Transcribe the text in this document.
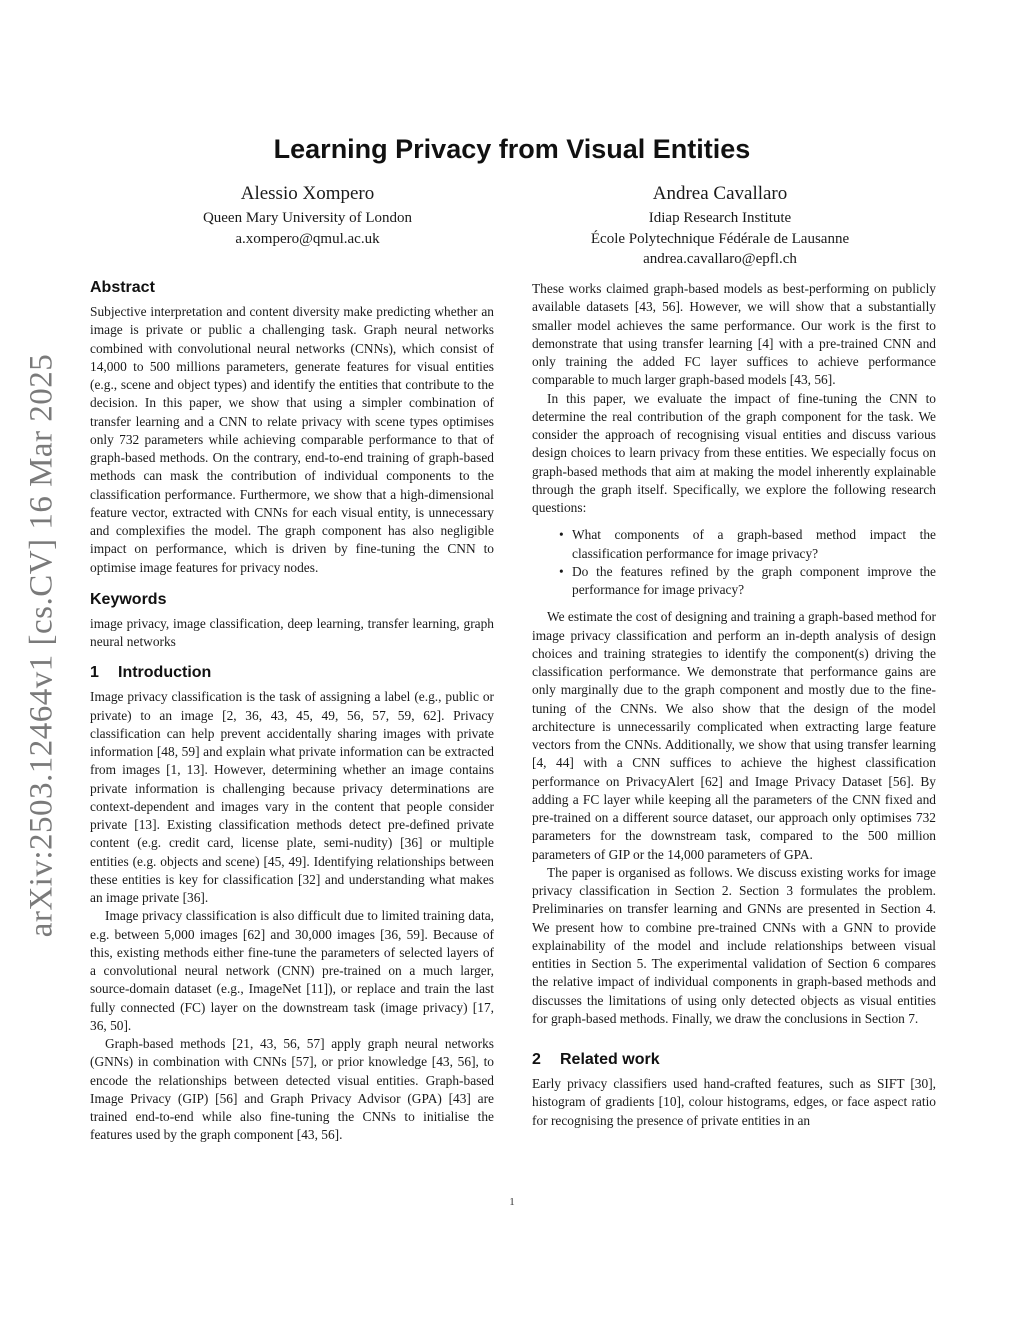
arXiv:2503.12464v1 [cs.CV] 16 Mar 2025
Learning Privacy from Visual Entities
Alessio Xompero
Queen Mary University of London
a.xompero@qmul.ac.uk
Andrea Cavallaro
Idiap Research Institute
École Polytechnique Fédérale de Lausanne
andrea.cavallaro@epfl.ch
Abstract

Subjective interpretation and content diversity make predicting whether an image is private or public a challenging task. Graph neural networks combined with convolutional neural networks (CNNs), which consist of 14,000 to 500 millions parameters, generate features for visual entities (e.g., scene and object types) and identify the entities that contribute to the decision. In this paper, we show that using a simpler combination of transfer learning and a CNN to relate privacy with scene types optimises only 732 parameters while achieving comparable performance to that of graph-based methods. On the contrary, end-to-end training of graph-based methods can mask the contribution of individual components to the classification performance. Furthermore, we show that a high-dimensional feature vector, extracted with CNNs for each visual entity, is unnecessary and complexifies the model. The graph component has also negligible impact on performance, which is driven by fine-tuning the CNN to optimise image features for privacy nodes.

Keywords

image privacy, image classification, deep learning, transfer learning, graph neural networks

1 Introduction

Image privacy classification is the task of assigning a label (e.g., public or private) to an image [2, 36, 43, 45, 49, 56, 57, 59, 62]. Privacy classification can help prevent accidentally sharing images with private information [48, 59] and explain what private information can be extracted from images [1, 13]. However, determining whether an image contains private information is challenging because privacy determinations are context-dependent and images vary in the content that people consider private [13]. Existing classification methods detect pre-defined private content (e.g. credit card, license plate, semi-nudity) [36] or multiple entities (e.g. objects and scene) [45, 49]. Identifying relationships between these entities is key for classification [32] and understanding what makes an image private [36].

Image privacy classification is also difficult due to limited training data, e.g. between 5,000 images [62] and 30,000 images [36, 59]. Because of this, existing methods either fine-tune the parameters of selected layers of a convolutional neural network (CNN) pre-trained on a much larger, source-domain dataset (e.g., ImageNet [11]), or replace and train the last fully connected (FC) layer on the downstream task (image privacy) [17, 36, 50].

Graph-based methods [21, 43, 56, 57] apply graph neural networks (GNNs) in combination with CNNs [57], or prior knowledge [43, 56], to encode the relationships between detected visual entities. Graph-based Image Privacy (GIP) [56] and Graph Privacy Advisor (GPA) [43] are trained end-to-end while also fine-tuning the CNNs to initialise the features used by the graph component [43, 56].

These works claimed graph-based models as best-performing on publicly available datasets [43, 56]. However, we will show that a substantially smaller model achieves the same performance. Our work is the first to demonstrate that using transfer learning [4] with a pre-trained CNN and only training the added FC layer suffices to achieve performance comparable to much larger graph-based models [43, 56].

In this paper, we evaluate the impact of fine-tuning the CNN to determine the real contribution of the graph component for the task. We consider the approach of recognising visual entities and discuss various design choices to learn privacy from these entities. We especially focus on graph-based methods that aim at making the model inherently explainable through the graph itself. Specifically, we explore the following research questions:

• What components of a graph-based method impact the classification performance for image privacy?
• Do the features refined by the graph component improve the performance for image privacy?

We estimate the cost of designing and training a graph-based method for image privacy classification and perform an in-depth analysis of design choices and training strategies to identify the component(s) driving the classification performance. We demonstrate that performance gains are only marginally due to the graph component and mostly due to the fine-tuning of the CNNs. We also show that the design of the model architecture is unnecessarily complicated when extracting large feature vectors from the CNNs. Additionally, we show that using transfer learning [4, 44] with a CNN suffices to achieve the highest classification performance on PrivacyAlert [62] and Image Privacy Dataset [56]. By adding a FC layer while keeping all the parameters of the CNN fixed and pre-trained on a different source dataset, our approach only optimises 732 parameters for the downstream task, compared to the 500 million parameters of GIP or the 14,000 parameters of GPA.

The paper is organised as follows. We discuss existing works for image privacy classification in Section 2. Section 3 formulates the problem. Preliminaries on transfer learning and GNNs are presented in Section 4. We present how to combine pre-trained CNNs with a GNN to provide explainability of the model and include relationships between visual entities in Section 5. The experimental validation of Section 6 compares the relative impact of individual components in graph-based methods and discusses the limitations of using only detected objects as visual entities for graph-based methods. Finally, we draw the conclusions in Section 7.

2 Related work

Early privacy classifiers used hand-crafted features, such as SIFT [30], histogram of gradients [10], colour histograms, edges, or face aspect ratio for recognising the presence of private entities in an

1
